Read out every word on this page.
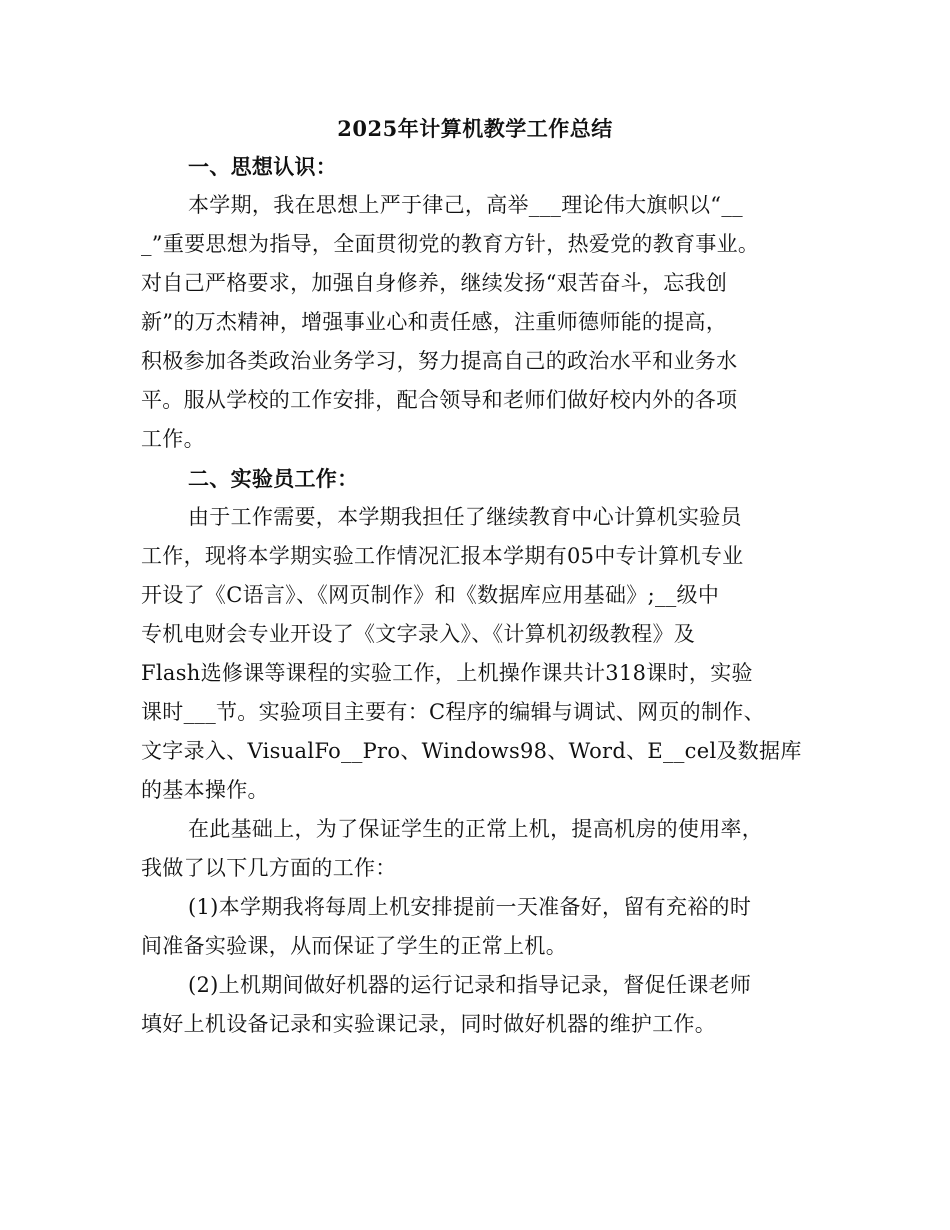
2025年计算机教学工作总结
一、思想认识：
本学期，我在思想上严于律己，高举___理论伟大旗帜以“__
_”重要思想为指导，全面贯彻党的教育方针，热爱党的教育事业。
对自己严格要求，加强自身修养，继续发扬“艰苦奋斗，忘我创
新”的万杰精神，增强事业心和责任感，注重师德师能的提高，
积极参加各类政治业务学习，努力提高自己的政治水平和业务水
平。服从学校的工作安排，配合领导和老师们做好校内外的各项
工作。
二、实验员工作：
由于工作需要，本学期我担任了继续教育中心计算机实验员
工作，现将本学期实验工作情况汇报本学期有05中专计算机专业
开设了《C语言》、《网页制作》和《数据库应用基础》;__级中
专机电财会专业开设了《文字录入》、《计算机初级教程》及
Flash选修课等课程的实验工作，上机操作课共计318课时，实验
课时___节。实验项目主要有：C程序的编辑与调试、网页的制作、
文字录入、VisualFo__Pro、Windows98、Word、E__cel及数据库
的基本操作。
在此基础上，为了保证学生的正常上机，提高机房的使用率，
我做了以下几方面的工作：
(1)本学期我将每周上机安排提前一天准备好，留有充裕的时
间准备实验课，从而保证了学生的正常上机。
(2)上机期间做好机器的运行记录和指导记录，督促任课老师
填好上机设备记录和实验课记录，同时做好机器的维护工作。
